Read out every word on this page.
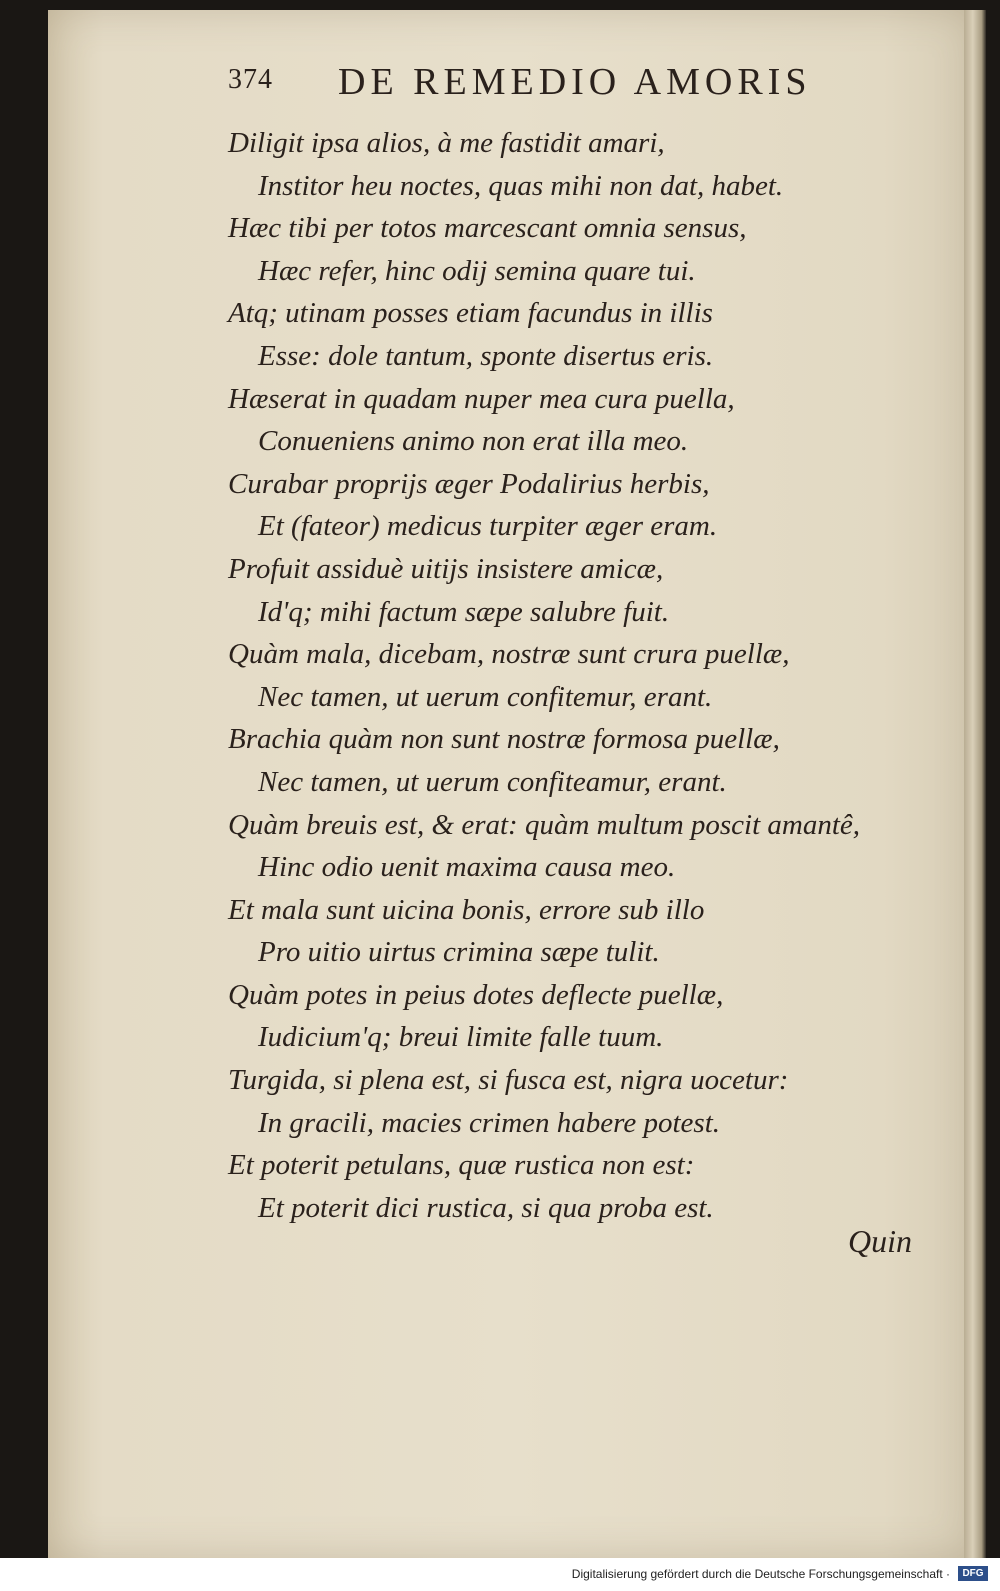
374 DE REMEDIO AMORIS
Diligit ipsa alios, à me fastidit amari,
Institor heu noctes, quas mihi non dat, habet.
Hæc tibi per totos marcescant omnia sensus,
Hæc refer, hinc odij semina quare tui.
Atq; utinam posses etiam facundus in illis
Esse: dole tantum, sponte disertus eris.
Hæserat in quadam nuper mea cura puella,
Conueniens animo non erat illa meo.
Curabar proprijs æger Podalirius herbis,
Et (fateor) medicus turpiter æger eram.
Profuit assiduè uitijs insistere amicæ,
Id'q; mihi factum sæpe salubre fuit.
Quàm mala, dicebam, nostræ sunt crura puellæ,
Nec tamen, ut uerum confitemur, erant.
Brachia quàm non sunt nostræ formosa puellæ,
Nec tamen, ut uerum confiteamur, erant.
Quàm breuis est, & erat: quàm multum poscit amantê,
Hinc odio uenit maxima causa meo.
Et mala sunt uicina bonis, errore sub illo
Pro uitio uirtus crimina sæpe tulit.
Quàm potes in peius dotes deflecte puellæ,
Iudicium'q; breui limite falle tuum.
Turgida, si plena est, si fusca est, nigra uocetur:
In gracili, macies crimen habere potest.
Et poterit petulans, quæ rustica non est:
Et poterit dici rustica, si qua proba est.
Quin
Digitalisierung gefördert durch die Deutsche Forschungsgemeinschaft ·	DFG
